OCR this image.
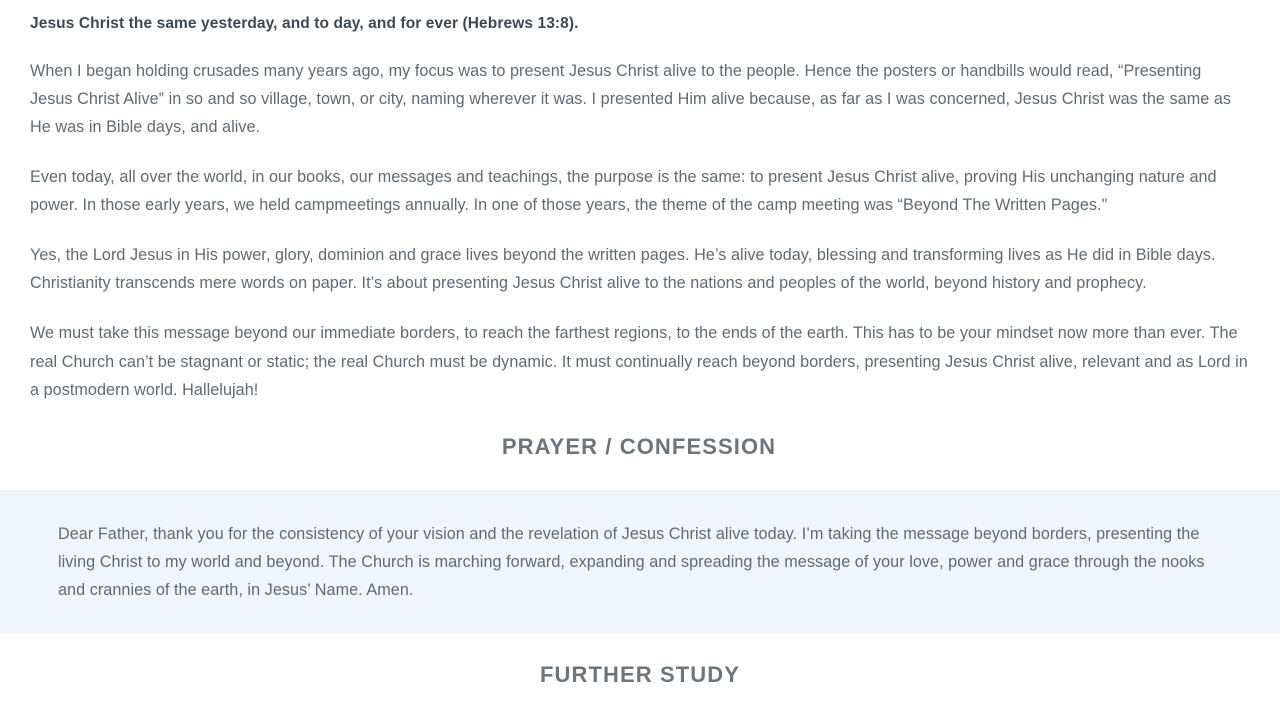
Jesus Christ the same yesterday, and to day, and for ever (Hebrews 13:8).

When I began holding crusades many years ago, my focus was to present Jesus Christ alive to the people. Hence the posters or handbills would read, “Presenting Jesus Christ Alive” in so and so village, town, or city, naming wherever it was. I presented Him alive because, as far as I was concerned, Jesus Christ was the same as He was in Bible days, and alive.

Even today, all over the world, in our books, our messages and teachings, the purpose is the same: to present Jesus Christ alive, proving His unchanging nature and power. In those early years, we held campmeetings annually. In one of those years, the theme of the camp meeting was “Beyond The Written Pages."

Yes, the Lord Jesus in His power, glory, dominion and grace lives beyond the written pages. He’s alive today, blessing and transforming lives as He did in Bible days. Christianity transcends mere words on paper. It’s about presenting Jesus Christ alive to the nations and peoples of the world, beyond history and prophecy.

We must take this message beyond our immediate borders, to reach the farthest regions, to the ends of the earth. This has to be your mindset now more than ever. The real Church can’t be stagnant or static; the real Church must be dynamic. It must continually reach beyond borders, presenting Jesus Christ alive, relevant and as Lord in a postmodern world. Hallelujah!

PRAYER / CONFESSION

Dear Father, thank you for the consistency of your vision and the revelation of Jesus Christ alive today. I’m taking the message beyond borders, presenting the living Christ to my world and beyond. The Church is marching forward, expanding and spreading the message of your love, power and grace through the nooks and crannies of the earth, in Jesus’ Name. Amen.

FURTHER STUDY
